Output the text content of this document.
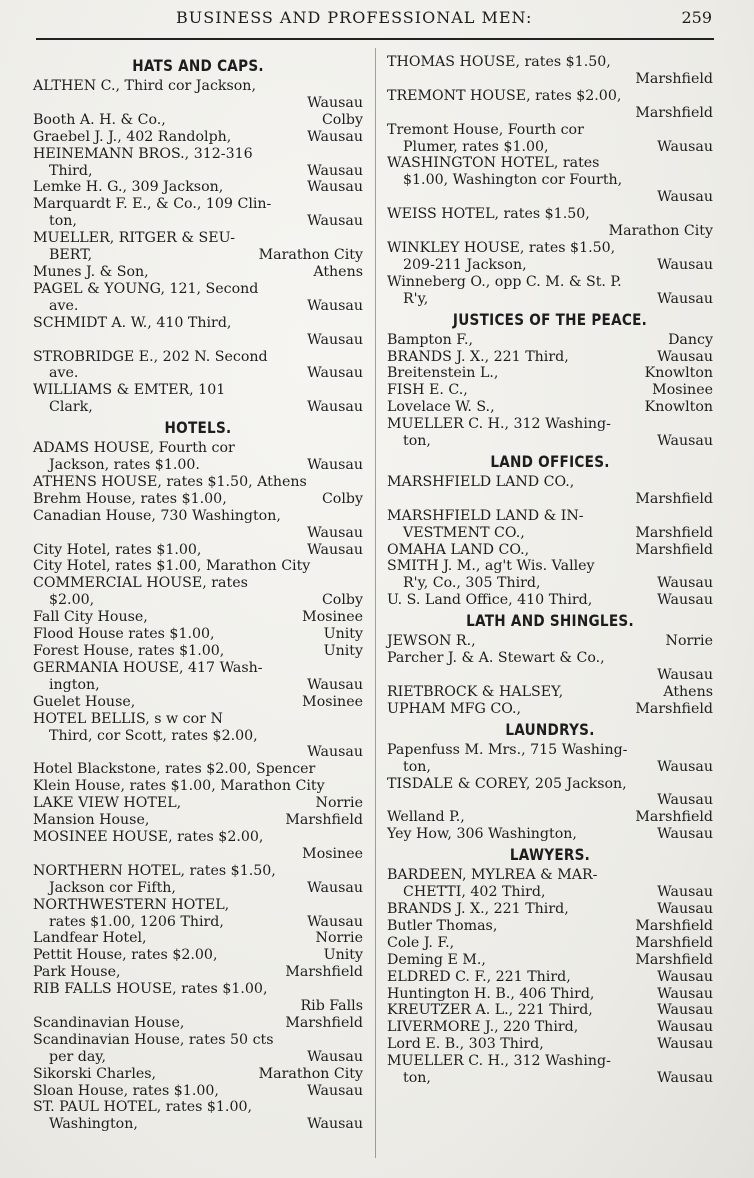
BUSINESS AND PROFESSIONAL MEN:	259
HATS AND CAPS.
ALTHEN C., Third cor Jackson,
Wausau
Booth A. H. & Co.,	Colby
Graebel J. J., 402 Randolph,	Wausau
HEINEMANN BROS., 312-316
Third,	Wausau
Lemke H. G., 309 Jackson,	Wausau
Marquardt F. E., & Co., 109 Clin-
ton,	Wausau
MUELLER, RITGER & SEU-
BERT,	Marathon City
Munes J. & Son,	Athens
PAGEL & YOUNG, 121, Second
ave.	Wausau
SCHMIDT A. W., 410 Third,
Wausau
STROBRIDGE E., 202 N. Second
ave.	Wausau
WILLIAMS & EMTER, 101
Clark,	Wausau
HOTELS.
ADAMS HOUSE, Fourth cor
Jackson, rates $1.00.	Wausau
ATHENS HOUSE, rates $1.50, Athens
Brehm House, rates $1.00,	Colby
Canadian House, 730 Washington,
Wausau
City Hotel, rates $1.00,	Wausau
City Hotel, rates $1.00, Marathon City
COMMERCIAL HOUSE, rates
$2.00,	Colby
Fall City House,	Mosinee
Flood House rates $1.00,	Unity
Forest House, rates $1.00,	Unity
GERMANIA HOUSE, 417 Wash-
ington,	Wausau
Guelet House,	Mosinee
HOTEL BELLIS, s w cor N
Third, cor Scott, rates $2.00,
Wausau
Hotel Blackstone, rates $2.00, Spencer
Klein House, rates $1.00, Marathon City
LAKE VIEW HOTEL,	Norrie
Mansion House,	Marshfield
MOSINEE HOUSE, rates $2.00,
Mosinee
NORTHERN HOTEL, rates $1.50,
Jackson cor Fifth,	Wausau
NORTHWESTERN HOTEL,
rates $1.00, 1206 Third,	Wausau
Landfear Hotel,	Norrie
Pettit House, rates $2.00,	Unity
Park House,	Marshfield
RIB FALLS HOUSE, rates $1.00,
Rib Falls
Scandinavian House,	Marshfield
Scandinavian House, rates 50 cts
per day,	Wausau
Sikorski Charles,	Marathon City
Sloan House, rates $1.00,	Wausau
ST. PAUL HOTEL, rates $1.00,
Washington,	Wausau
THOMAS HOUSE, rates $1.50,
Marshfield
TREMONT HOUSE, rates $2.00,
Marshfield
Tremont House, Fourth cor
Plumer, rates $1.00,	Wausau
WASHINGTON HOTEL, rates
$1.00, Washington cor Fourth,
Wausau
WEISS HOTEL, rates $1.50,
Marathon City
WINKLEY HOUSE, rates $1.50,
209-211 Jackson,	Wausau
Winneberg O., opp C. M. & St. P.
R'y,	Wausau
JUSTICES OF THE PEACE.
Bampton F.,	Dancy
BRANDS J. X., 221 Third,	Wausau
Breitenstein L.,	Knowlton
FISH E. C.,	Mosinee
Lovelace W. S.,	Knowlton
MUELLER C. H., 312 Washing-
ton,	Wausau
LAND OFFICES.
MARSHFIELD LAND CO.,
Marshfield
MARSHFIELD LAND & IN-
VESTMENT CO.,	Marshfield
OMAHA LAND CO.,	Marshfield
SMITH J. M., ag't Wis. Valley
R'y, Co., 305 Third,	Wausau
U. S. Land Office, 410 Third,	Wausau
LATH AND SHINGLES.
JEWSON R.,	Norrie
Parcher J. & A. Stewart & Co.,
Wausau
RIETBROCK & HALSEY,	Athens
UPHAM MFG CO.,	Marshfield
LAUNDRYS.
Papenfuss M. Mrs., 715 Washing-
ton,	Wausau
TISDALE & COREY, 205 Jackson,
Wausau
Welland P.,	Marshfield
Yey How, 306 Washington,	Wausau
LAWYERS.
BARDEEN, MYLREA & MAR-
CHETTI, 402 Third,	Wausau
BRANDS J. X., 221 Third,	Wausau
Butler Thomas,	Marshfield
Cole J. F.,	Marshfield
Deming E M.,	Marshfield
ELDRED C. F., 221 Third,	Wausau
Huntington H. B., 406 Third,	Wausau
KREUTZER A. L., 221 Third,	Wausau
LIVERMORE J., 220 Third,	Wausau
Lord E. B., 303 Third,	Wausau
MUELLER C. H., 312 Washing-
ton,	Wausau
